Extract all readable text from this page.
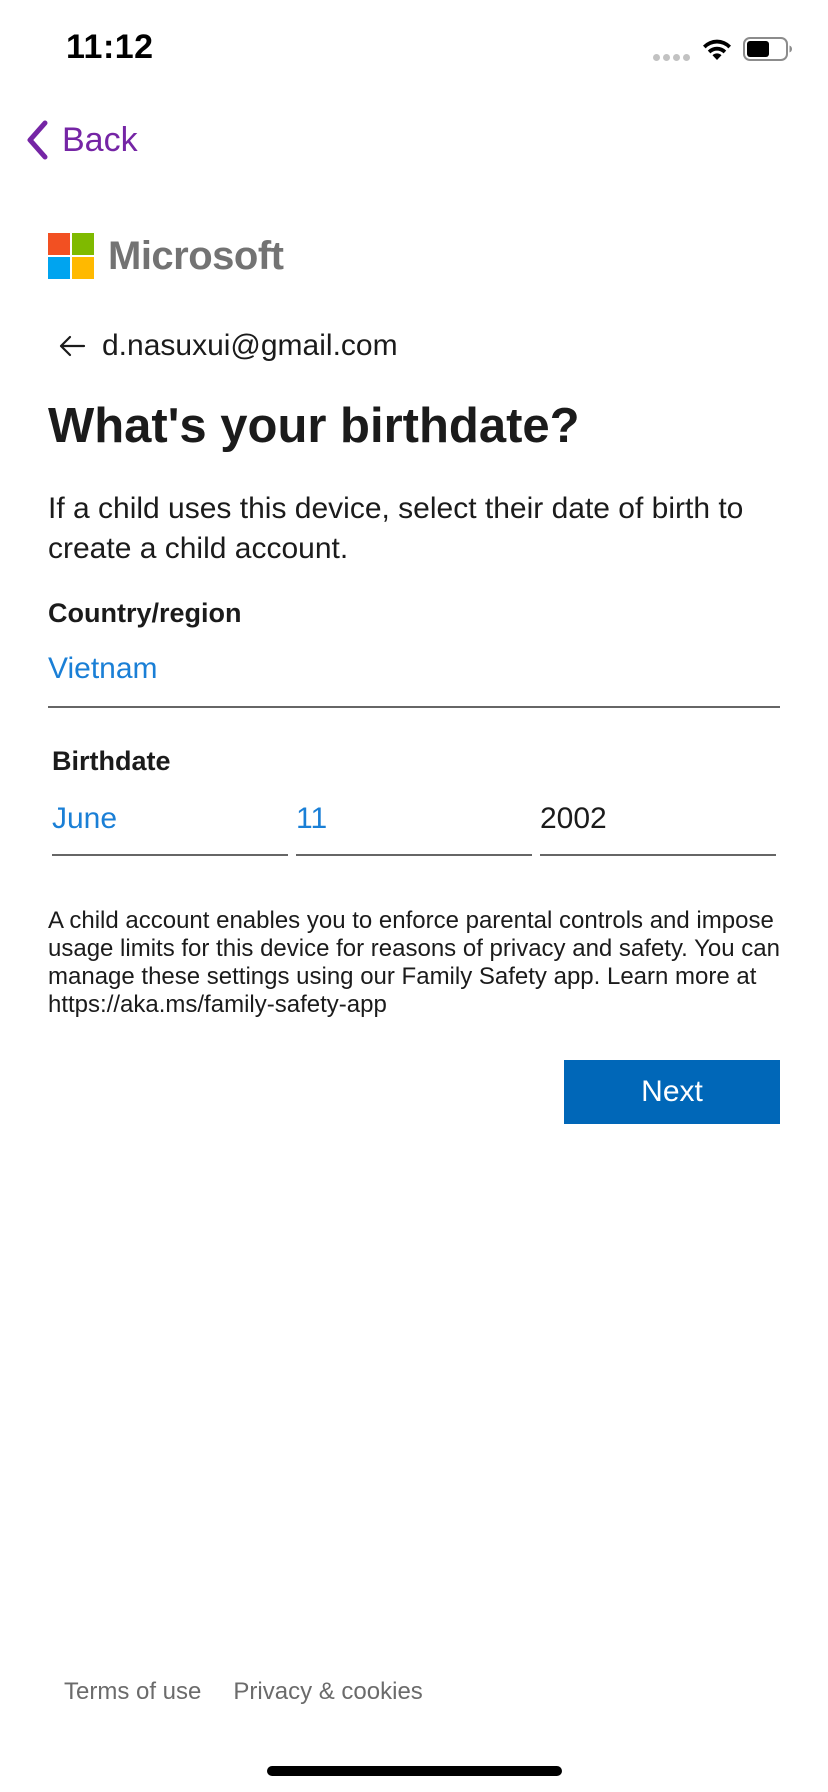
11:12
Back
Microsoft
d.nasuxui@gmail.com
What's your birthdate?

If a child uses this device, select their date of birth to create a child account.

Country/region
Vietnam
Birthdate
June	11	2002

A child account enables you to enforce parental controls and impose usage limits for this device for reasons of privacy and safety. You can manage these settings using our Family Safety app. Learn more at https://aka.ms/family-safety-app

Next
Terms of use Privacy & cookies
